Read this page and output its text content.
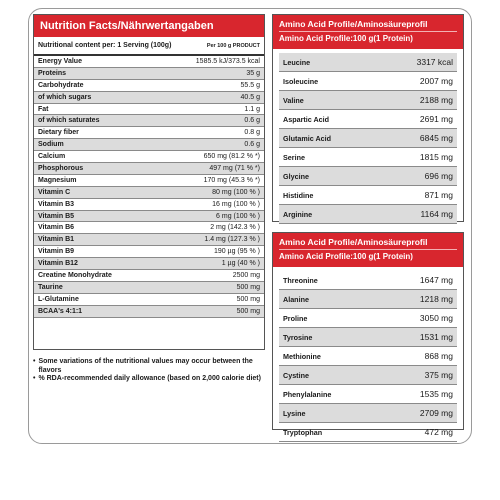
Nutrition Facts/Nährwertangaben
Nutritional content per: 1 Serving (100g)	Per 100 g PRODUCT
Energy Value	1585.5 kJ/373.5 kcal
Proteins	35 g
Carbohydrate	55.5 g
of which sugars	40.5 g
Fat	1.1 g
of which saturates	0.6 g
Dietary fiber	0.8 g
Sodium	0.6 g
Calcium	650 mg (81.2 % *)
Phosphorous	497 mg (71 % *)
Magnesium	170 mg (45.3 % *)
Vitamin C	80 mg (100 % )
Vitamin B3	16 mg (100 % )
Vitamin B5	6 mg (100 % )
Vitamin B6	2 mg (142.3 % )
Vitamin B1	1.4 mg (127.3 % )
Vitamin B9	190 µg (95 % )
Vitamin B12	1 µg (40 % )
Creatine Monohydrate	2500 mg
Taurine	500 mg
L-Glutamine	500 mg
BCAA's 4:1:1	500 mg
• Some variations of the nutritional values may occur between the flavors
• % RDA-recommended daily allowance (based on 2,000 calorie diet)
Amino Acid Profile/Aminosäureprofil
Amino Acid Profile:100 g(1 Protein)
Leucine	3317 kcal
Isoleucine	2007 mg
Valine	2188 mg
Aspartic Acid	2691 mg
Glutamic Acid	6845 mg
Serine	1815 mg
Glycine	696 mg
Histidine	871 mg
Arginine	1164 mg
Amino Acid Profile/Aminosäureprofil
Amino Acid Profile:100 g(1 Protein)
Threonine	1647 mg
Alanine	1218 mg
Proline	3050 mg
Tyrosine	1531 mg
Methionine	868 mg
Cystine	375 mg
Phenylalanine	1535 mg
Lysine	2709 mg
Tryptophan	472 mg
